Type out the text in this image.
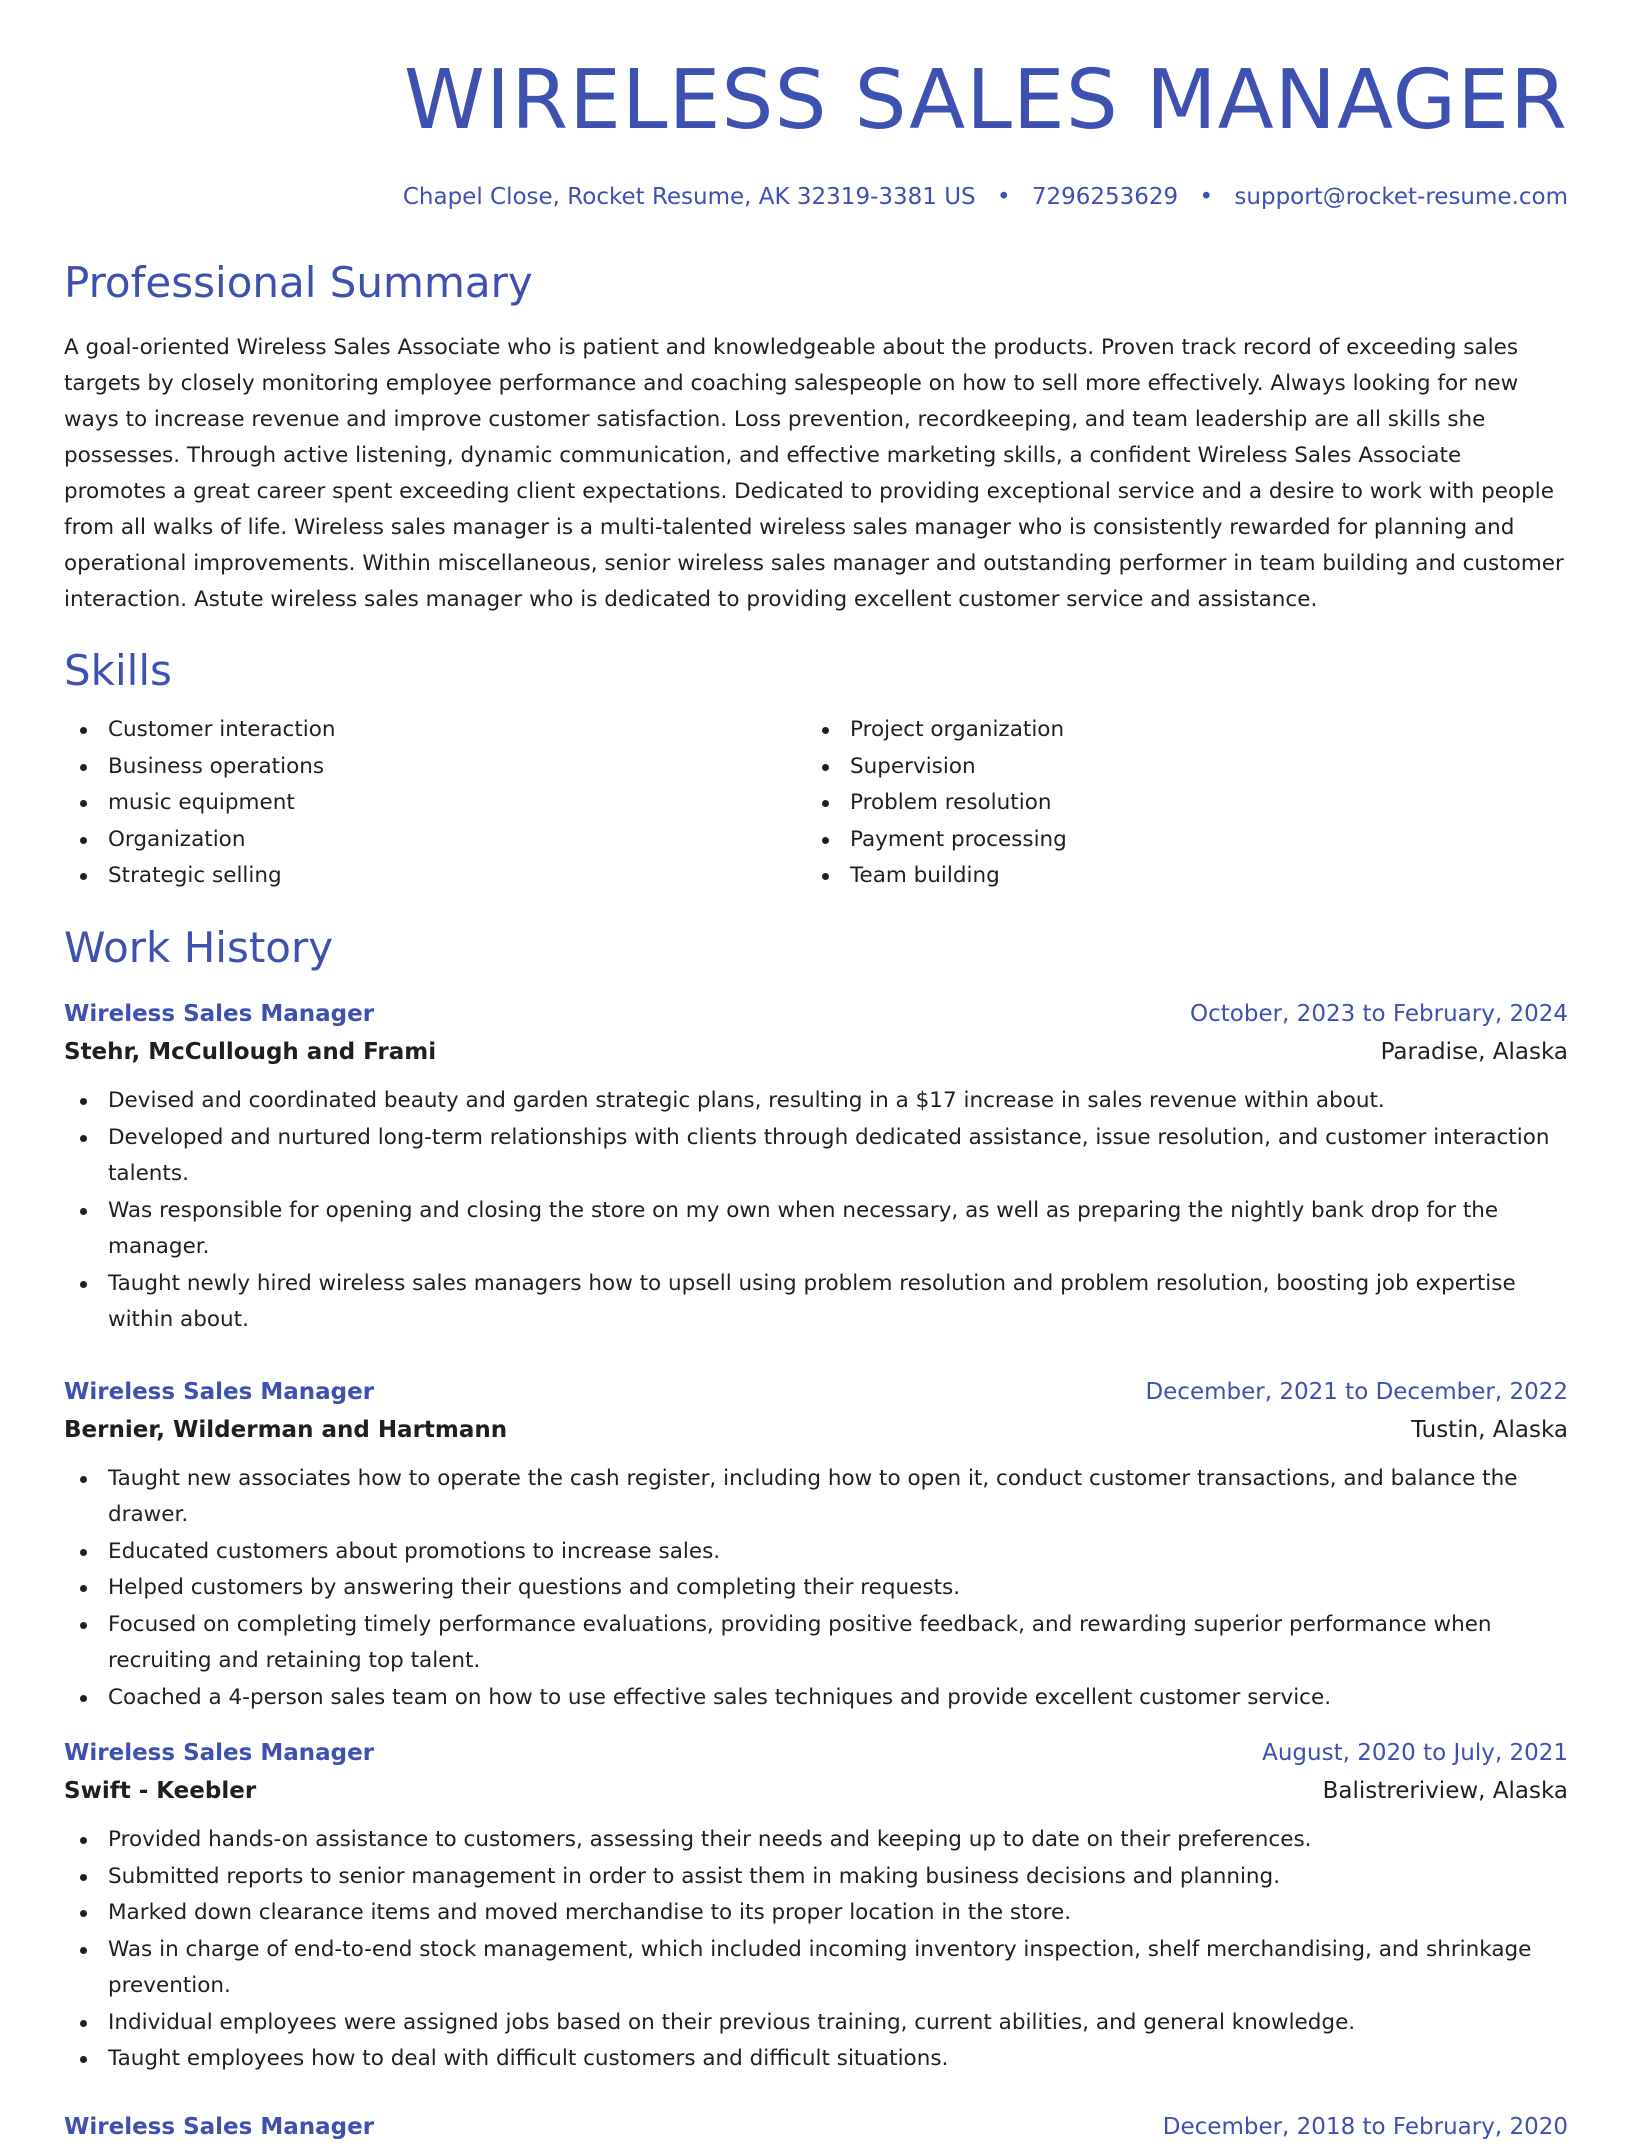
WIRELESS SALES MANAGER
Chapel Close, Rocket Resume, AK 32319-3381 US • 7296253629 • support@rocket-resume.com
Professional Summary

A goal-oriented Wireless Sales Associate who is patient and knowledgeable about the products. Proven track record of exceeding sales targets by closely monitoring employee performance and coaching salespeople on how to sell more effectively. Always looking for new ways to increase revenue and improve customer satisfaction. Loss prevention, recordkeeping, and team leadership are all skills she possesses. Through active listening, dynamic communication, and effective marketing skills, a confident Wireless Sales Associate promotes a great career spent exceeding client expectations. Dedicated to providing exceptional service and a desire to work with people from all walks of life. Wireless sales manager is a multi-talented wireless sales manager who is consistently rewarded for planning and operational improvements. Within miscellaneous, senior wireless sales manager and outstanding performer in team building and customer interaction. Astute wireless sales manager who is dedicated to providing excellent customer service and assistance.

Skills
Customer interaction
Business operations
music equipment
Organization
Strategic selling
Project organization
Supervision
Problem resolution
Payment processing
Team building
Work History
Wireless Sales Manager	October, 2023 to February, 2024
Stehr, McCullough and Frami	Paradise, Alaska
Devised and coordinated beauty and garden strategic plans, resulting in a $17 increase in sales revenue within about.
Developed and nurtured long-term relationships with clients through dedicated assistance, issue resolution, and customer interaction talents.
Was responsible for opening and closing the store on my own when necessary, as well as preparing the nightly bank drop for the manager.
Taught newly hired wireless sales managers how to upsell using problem resolution and problem resolution, boosting job expertise within about.
Wireless Sales Manager	December, 2021 to December, 2022
Bernier, Wilderman and Hartmann	Tustin, Alaska
Taught new associates how to operate the cash register, including how to open it, conduct customer transactions, and balance the drawer.
Educated customers about promotions to increase sales.
Helped customers by answering their questions and completing their requests.
Focused on completing timely performance evaluations, providing positive feedback, and rewarding superior performance when recruiting and retaining top talent.
Coached a 4-person sales team on how to use effective sales techniques and provide excellent customer service.
Wireless Sales Manager	August, 2020 to July, 2021
Swift - Keebler	Balistreriview, Alaska
Provided hands-on assistance to customers, assessing their needs and keeping up to date on their preferences.
Submitted reports to senior management in order to assist them in making business decisions and planning.
Marked down clearance items and moved merchandise to its proper location in the store.
Was in charge of end-to-end stock management, which included incoming inventory inspection, shelf merchandising, and shrinkage prevention.
Individual employees were assigned jobs based on their previous training, current abilities, and general knowledge.
Taught employees how to deal with difficult customers and difficult situations.
Wireless Sales Manager	December, 2018 to February, 2020
